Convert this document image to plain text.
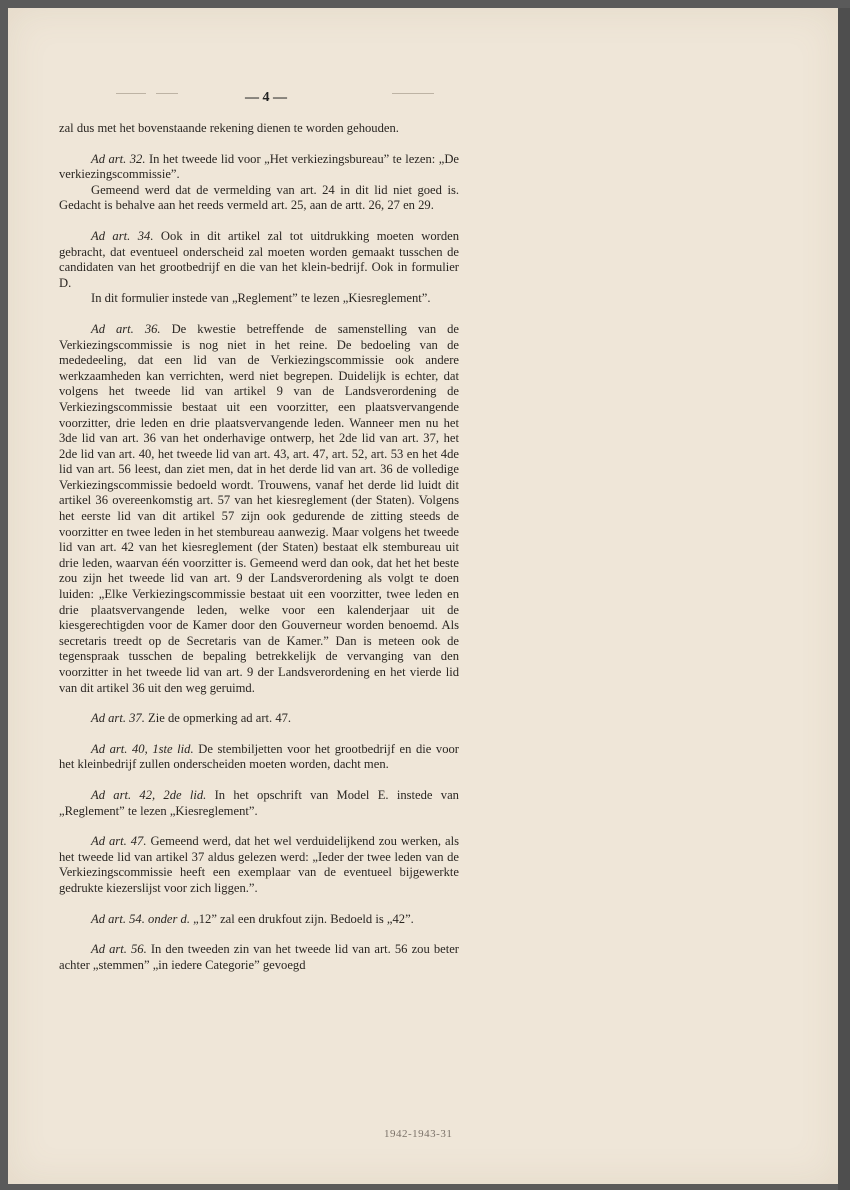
— 4 —

zal dus met het bovenstaande rekening dienen te worden gehouden.

Ad art. 32. In het tweede lid voor „Het verkiezingsbureau” te lezen: „De verkiezingscommissie”.

Gemeend werd dat de vermelding van art. 24 in dit lid niet goed is. Gedacht is behalve aan het reeds vermeld art. 25, aan de artt. 26, 27 en 29.

Ad art. 34. Ook in dit artikel zal tot uitdrukking moeten worden gebracht, dat eventueel onderscheid zal moeten worden gemaakt tusschen de candidaten van het grootbedrijf en die van het klein-bedrijf. Ook in formulier D.

In dit formulier instede van „Reglement” te lezen „Kiesreglement”.

Ad art. 36. De kwestie betreffende de samenstelling van de Verkiezingscommissie is nog niet in het reine. De bedoeling van de mededeeling, dat een lid van de Verkiezingscommissie ook andere werkzaamheden kan verrichten, werd niet begrepen. Duidelijk is echter, dat volgens het tweede lid van artikel 9 van de Landsverordening de Verkiezingscommissie bestaat uit een voorzitter, een plaatsvervangende voorzitter, drie leden en drie plaatsvervangende leden. Wanneer men nu het 3de lid van art. 36 van het onderhavige ontwerp, het 2de lid van art. 37, het 2de lid van art. 40, het tweede lid van art. 43, art. 47, art. 52, art. 53 en het 4de lid van art. 56 leest, dan ziet men, dat in het derde lid van art. 36 de volledige Verkiezingscommissie bedoeld wordt. Trouwens, vanaf het derde lid luidt dit artikel 36 overeenkomstig art. 57 van het kiesreglement (der Staten). Volgens het eerste lid van dit artikel 57 zijn ook gedurende de zitting steeds de voorzitter en twee leden in het stembureau aanwezig. Maar volgens het tweede lid van art. 42 van het kiesreglement (der Staten) bestaat elk stembureau uit drie leden, waarvan één voorzitter is. Gemeend werd dan ook, dat het het beste zou zijn het tweede lid van art. 9 der Landsverordening als volgt te doen luiden: „Elke Verkiezingscommissie bestaat uit een voorzitter, twee leden en drie plaatsvervangende leden, welke voor een kalenderjaar uit de kiesgerechtigden voor de Kamer door den Gouverneur worden benoemd. Als secretaris treedt op de Secretaris van de Kamer.” Dan is meteen ook de tegenspraak tusschen de bepaling betrekkelijk de vervanging van den voorzitter in het tweede lid van art. 9 der Landsverordening en het vierde lid van dit artikel 36 uit den weg geruimd.

Ad art. 37. Zie de opmerking ad art. 47.

Ad art. 40, 1ste lid. De stembiljetten voor het grootbedrijf en die voor het kleinbedrijf zullen onderscheiden moeten worden, dacht men.

Ad art. 42, 2de lid. In het opschrift van Model E. instede van „Reglement” te lezen „Kiesreglement”.

Ad art. 47. Gemeend werd, dat het wel verduidelijkend zou werken, als het tweede lid van artikel 37 aldus gelezen werd: „Ieder der twee leden van de Verkiezingscommissie heeft een exemplaar van de eventueel bijgewerkte gedrukte kiezerslijst voor zich liggen.”.

Ad art. 54. onder d. „12” zal een drukfout zijn. Bedoeld is „42”.

Ad art. 56. In den tweeden zin van het tweede lid van art. 56 zou beter achter „stemmen” „in iedere Categorie” gevoegd

1942-1943-31
